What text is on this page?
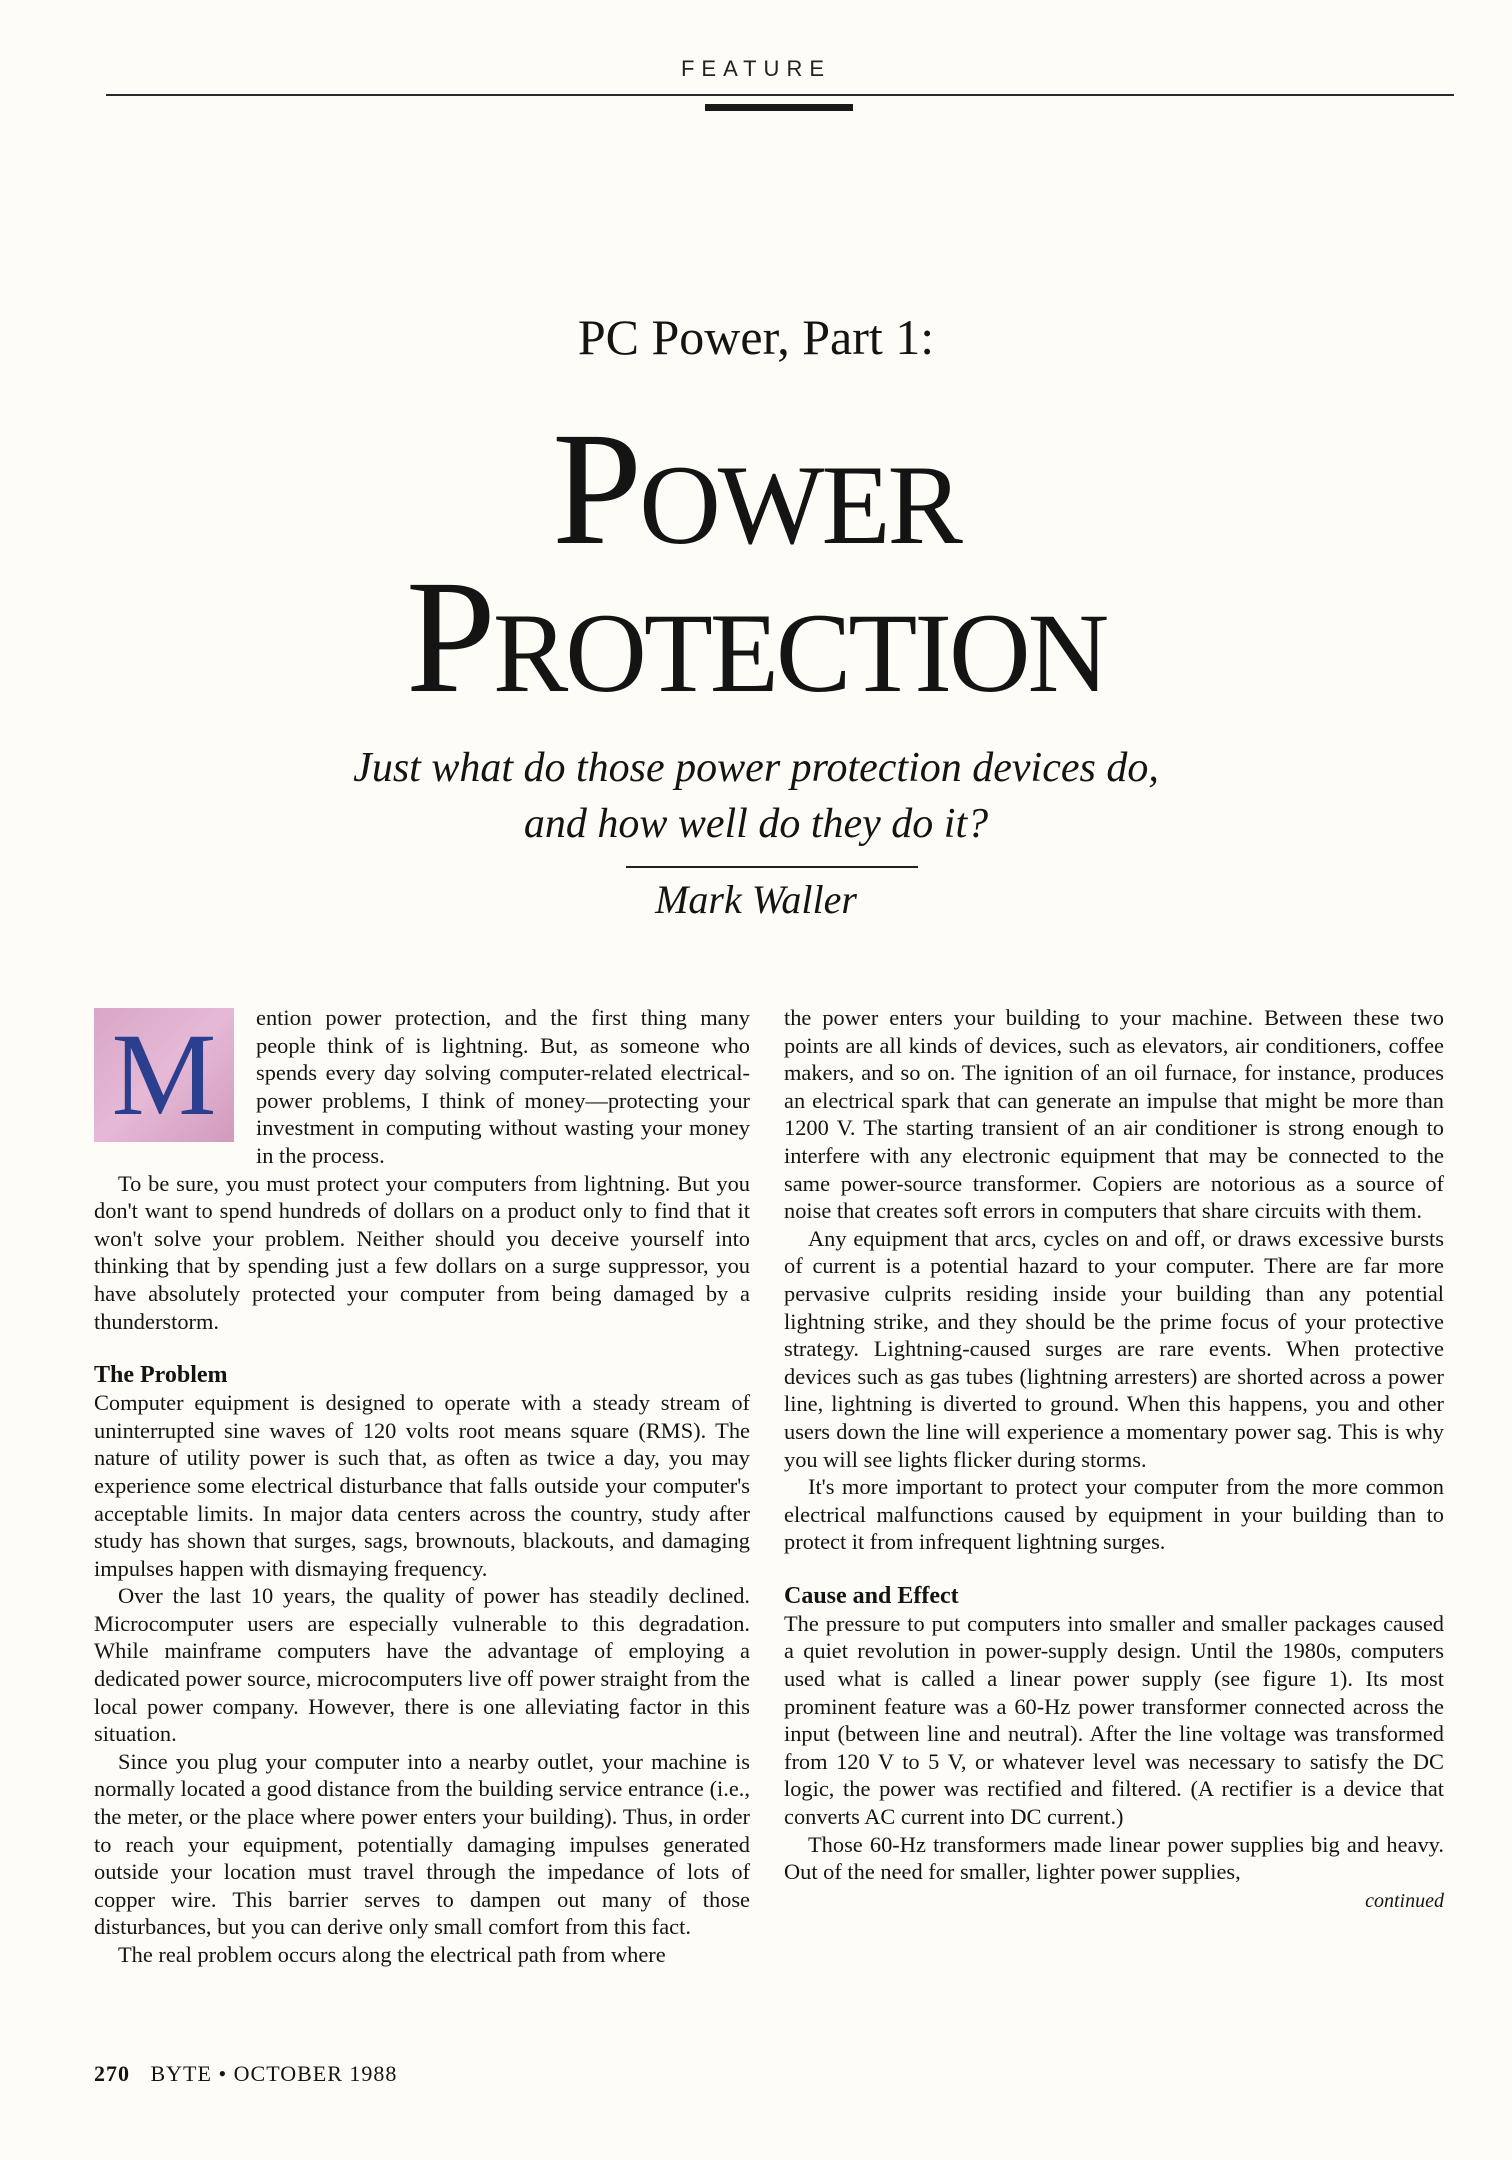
FEATURE
PC Power, Part 1:
Power
Protection
Just what do those power protection devices do,
and how well do they do it?
Mark Waller
M	ention power protection, and the first thing many people think of is lightning. But, as someone who spends every day solving computer-related electrical-power problems, I think of money—protecting your investment in computing without wasting your money in the process.

To be sure, you must protect your computers from lightning. But you don't want to spend hundreds of dollars on a product only to find that it won't solve your problem. Neither should you deceive yourself into thinking that by spending just a few dollars on a surge suppressor, you have absolutely protected your computer from being damaged by a thunderstorm.

The Problem

Computer equipment is designed to operate with a steady stream of uninterrupted sine waves of 120 volts root means square (RMS). The nature of utility power is such that, as often as twice a day, you may experience some electrical disturbance that falls outside your computer's acceptable limits. In major data centers across the country, study after study has shown that surges, sags, brownouts, blackouts, and damaging impulses happen with dismaying frequency.

Over the last 10 years, the quality of power has steadily declined. Microcomputer users are especially vulnerable to this degradation. While mainframe computers have the advantage of employing a dedicated power source, microcomputers live off power straight from the local power company. However, there is one alleviating factor in this situation.

Since you plug your computer into a nearby outlet, your machine is normally located a good distance from the building service entrance (i.e., the meter, or the place where power enters your building). Thus, in order to reach your equipment, potentially damaging impulses generated outside your location must travel through the impedance of lots of copper wire. This barrier serves to dampen out many of those disturbances, but you can derive only small comfort from this fact.

The real problem occurs along the electrical path from where

the power enters your building to your machine. Between these two points are all kinds of devices, such as elevators, air conditioners, coffee makers, and so on. The ignition of an oil furnace, for instance, produces an electrical spark that can generate an impulse that might be more than 1200 V. The starting transient of an air conditioner is strong enough to interfere with any electronic equipment that may be connected to the same power-source transformer. Copiers are notorious as a source of noise that creates soft errors in computers that share circuits with them.

Any equipment that arcs, cycles on and off, or draws excessive bursts of current is a potential hazard to your computer. There are far more pervasive culprits residing inside your building than any potential lightning strike, and they should be the prime focus of your protective strategy. Lightning-caused surges are rare events. When protective devices such as gas tubes (lightning arresters) are shorted across a power line, lightning is diverted to ground. When this happens, you and other users down the line will experience a momentary power sag. This is why you will see lights flicker during storms.

It's more important to protect your computer from the more common electrical malfunctions caused by equipment in your building than to protect it from infrequent lightning surges.

Cause and Effect

The pressure to put computers into smaller and smaller packages caused a quiet revolution in power-supply design. Until the 1980s, computers used what is called a linear power supply (see figure 1). Its most prominent feature was a 60-Hz power transformer connected across the input (between line and neutral). After the line voltage was transformed from 120 V to 5 V, or whatever level was necessary to satisfy the DC logic, the power was rectified and filtered. (A rectifier is a device that converts AC current into DC current.)

Those 60-Hz transformers made linear power supplies big and heavy. Out of the need for smaller, lighter power supplies,

continued
270 BYTE • OCTOBER 1988
